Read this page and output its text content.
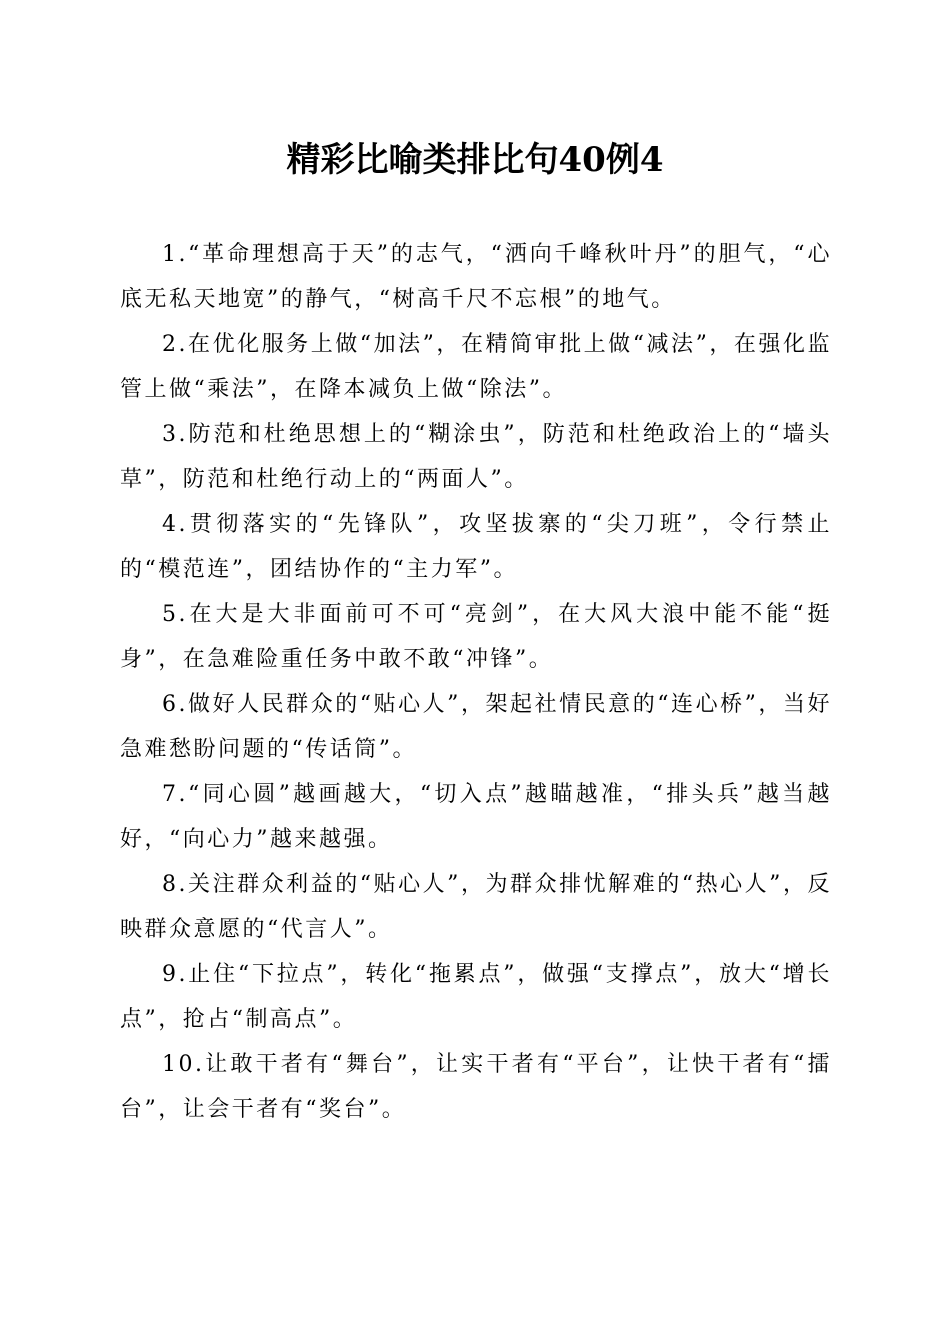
精彩比喻类排比句40例4

1.“革命理想高于天”的志气，“洒向千峰秋叶丹”的胆气，“心底无私天地宽”的静气，“树高千尺不忘根”的地气。

2.在优化服务上做“加法”，在精简审批上做“减法”，在强化监管上做“乘法”，在降本减负上做“除法”。

3.防范和杜绝思想上的“糊涂虫”，防范和杜绝政治上的“墙头草”，防范和杜绝行动上的“两面人”。

4.贯彻落实的“先锋队”，攻坚拔寨的“尖刀班”，令行禁止的“模范连”，团结协作的“主力军”。

5.在大是大非面前可不可“亮剑”，在大风大浪中能不能“挺身”，在急难险重任务中敢不敢“冲锋”。

6.做好人民群众的“贴心人”，架起社情民意的“连心桥”，当好急难愁盼问题的“传话筒”。

7.“同心圆”越画越大，“切入点”越瞄越准，“排头兵”越当越好，“向心力”越来越强。

8.关注群众利益的“贴心人”，为群众排忧解难的“热心人”，反映群众意愿的“代言人”。

9.止住“下拉点”，转化“拖累点”，做强“支撑点”，放大“增长点”，抢占“制高点”。

10.让敢干者有“舞台”，让实干者有“平台”，让快干者有“擂台”，让会干者有“奖台”。
